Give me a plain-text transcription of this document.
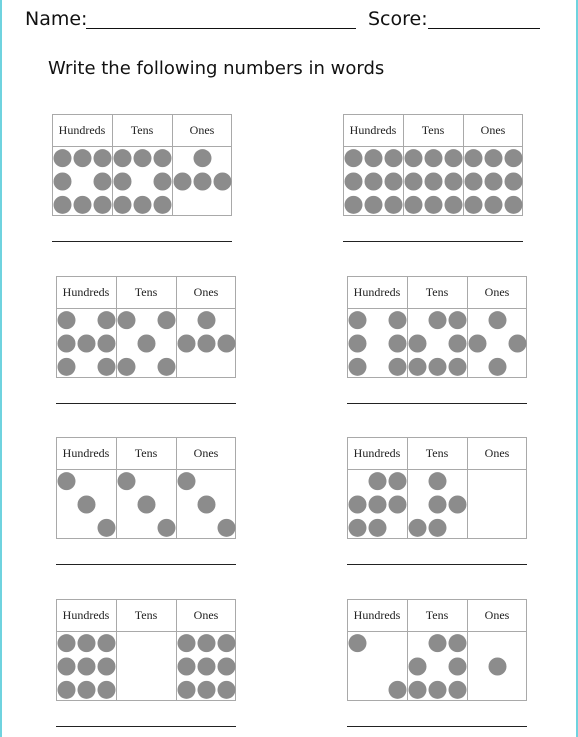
Name:	Score:
Write the following numbers in words
Hundreds	Tens	Ones	Hundreds	Tens	Ones
Hundreds	Tens	Ones	Hundreds	Tens	Ones
Hundreds	Tens	Ones	Hundreds	Tens	Ones
Hundreds	Tens	Ones	Hundreds	Tens	Ones
